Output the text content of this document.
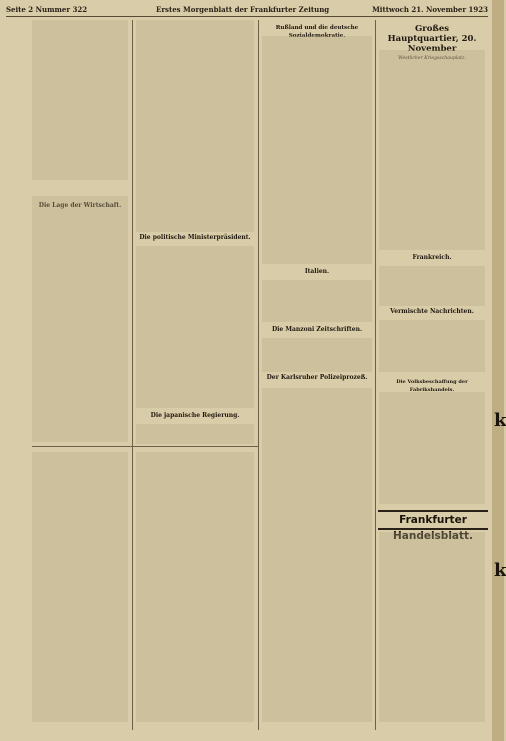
Seite 2 Nummer 322	Erstes Morgenblatt der Frankfurter Zeitung	Mittwoch 21. November 1923
Die Lage der Wirtschaft.
Die politische Ministerpräsident.
Die japanische Regierung.
Rußland und die deutsche Sozialdemokratie.
Italien.
Die Manzoni Zeitschriften.
Der Karlsruher Polizeiprozeß.
Großes Hauptquartier, 20. November
Westlicher Kriegsschauplatz.
Frankreich.
Vermischte Nachrichten.
Die Volksbeschaffung der Fabrikshandels.
Frankfurter Handelsblatt.
k
k
